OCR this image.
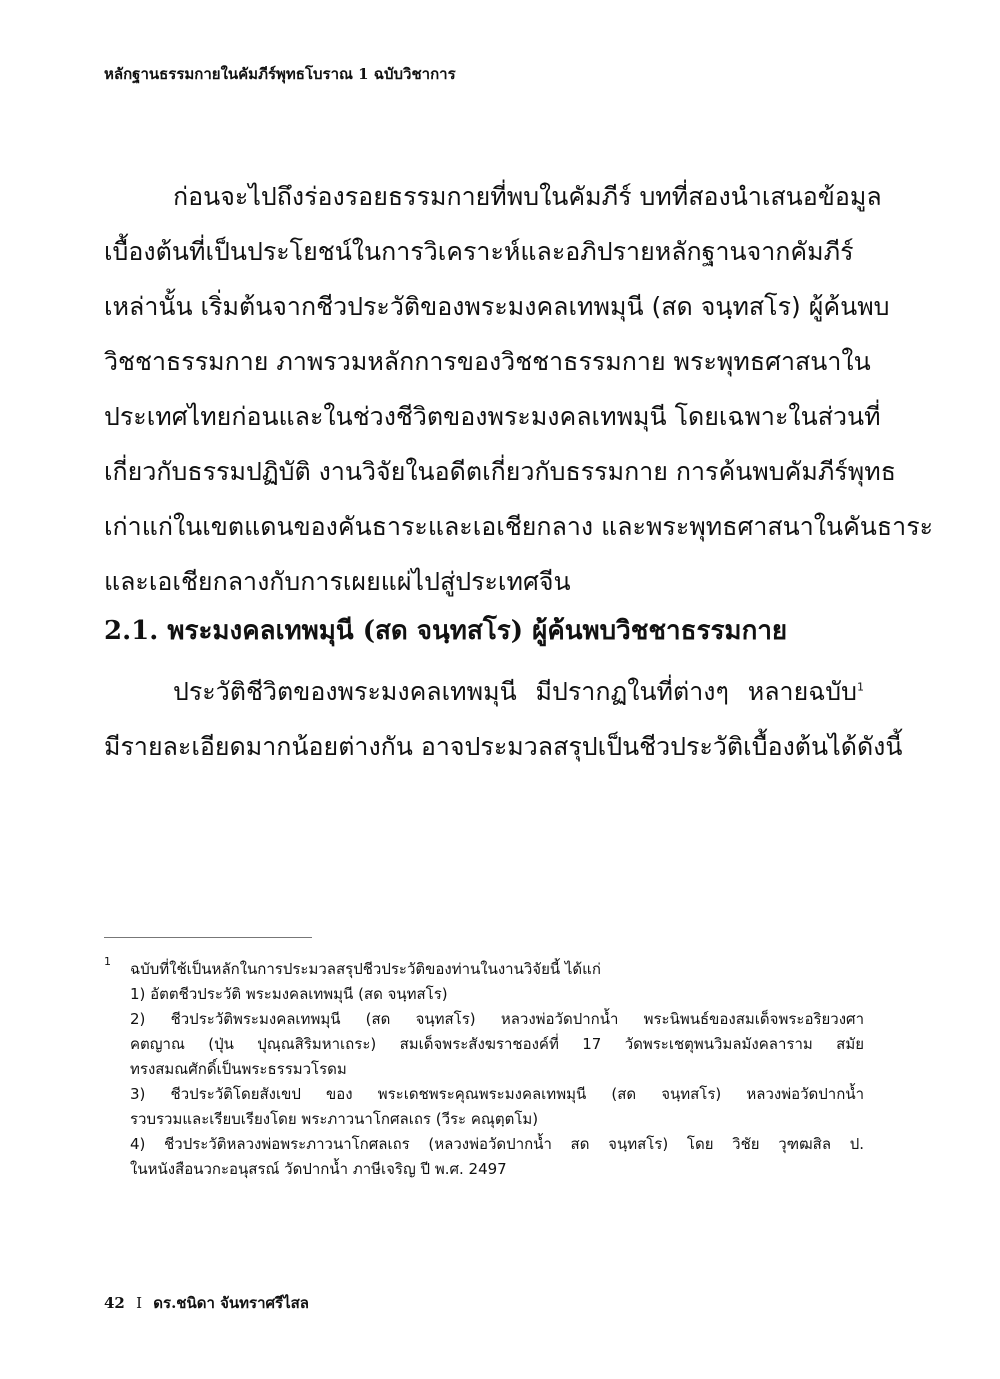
หลักฐานธรรมกายในคัมภีร์พุทธโบราณ 1 ฉบับวิชาการ
ก่อนจะไปถึงร่องรอยธรรมกายที่พบในคัมภีร์ บทที่สองนำเสนอข้อมูล
เบื้องต้นที่เป็นประโยชน์ในการวิเคราะห์และอภิปรายหลักฐานจากคัมภีร์
เหล่านั้น เริ่มต้นจากชีวประวัติของพระมงคลเทพมุนี (สด จนฺทสโร) ผู้ค้นพบ
วิชชาธรรมกาย ภาพรวมหลักการของวิชชาธรรมกาย พระพุทธศาสนาใน
ประเทศไทยก่อนและในช่วงชีวิตของพระมงคลเทพมุนี โดยเฉพาะในส่วนที่
เกี่ยวกับธรรมปฏิบัติ งานวิจัยในอดีตเกี่ยวกับธรรมกาย การค้นพบคัมภีร์พุทธ
เก่าแก่ในเขตแดนของคันธาระและเอเชียกลาง และพระพุทธศาสนาในคันธาระ
และเอเชียกลางกับการเผยแผ่ไปสู่ประเทศจีน
2.1. พระมงคลเทพมุนี (สด จนฺทสโร) ผู้ค้นพบวิชชาธรรมกาย
ประวัติชีวิตของพระมงคลเทพมุนี มีปรากฏในที่ต่างๆ หลายฉบับ$^1$
มีรายละเอียดมากน้อยต่างกัน อาจประมวลสรุปเป็นชีวประวัติเบื้องต้นได้ดังนี้
1	ฉบับที่ใช้เป็นหลักในการประมวลสรุปชีวประวัติของท่านในงานวิจัยนี้ ได้แก่
1) อัตตชีวประวัติ พระมงคลเทพมุนี (สด จนฺทสโร)
2) ชีวประวัติพระมงคลเทพมุนี (สด จนฺทสโร) หลวงพ่อวัดปากน้ำ พระนิพนธ์ของสมเด็จพระอริยวงศา
คตญาณ (ปุ่น ปุณฺณสิริมหาเถระ) สมเด็จพระสังฆราชองค์ที่ 17 วัดพระเชตุพนวิมลมังคลาราม สมัย
ทรงสมณศักดิ์เป็นพระธรรมวโรดม
3) ชีวประวัติโดยสังเขป ของ พระเดชพระคุณพระมงคลเทพมุนี (สด จนฺทสโร) หลวงพ่อวัดปากน้ำ
รวบรวมและเรียบเรียงโดย พระภาวนาโกศลเถร (วีระ คณุตฺตโม)
4) ชีวประวัติหลวงพ่อพระภาวนาโกศลเถร (หลวงพ่อวัดปากน้ำ สด จนฺทสโร) โดย วิชัย วุฑฒสิล ป.
ในหนังสือนวกะอนุสรณ์ วัดปากน้ำ ภาษีเจริญ ปี พ.ศ. 2497
42 I ดร.ชนิดา จันทราศรีไสล
